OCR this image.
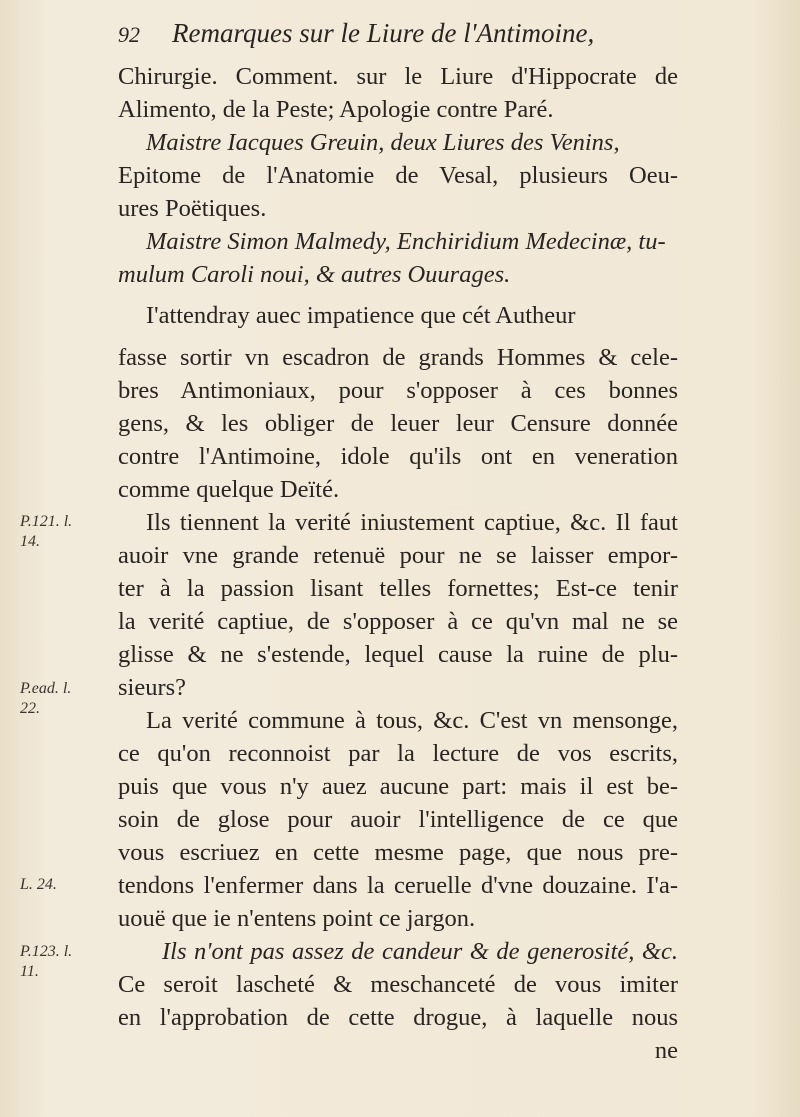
92 Remarques sur le Liure de l'Antimoine,
Chirurgie. Comment. sur le Liure d'Hippocrate de
Alimento, de la Peste; Apologie contre Paré.
Maistre Iacques Greuin, deux Liures des Venins,
Epitome de l'Anatomie de Vesal, plusieurs Oeu-
ures Poëtiques.
Maistre Simon Malmedy, Enchiridium Medecinæ, tu-
mulum Caroli noui, & autres Ouurages.
I'attendray auec impatience que cét Autheur
fasse sortir vn escadron de grands Hommes & cele-
bres Antimoniaux, pour s'opposer à ces bonnes
gens, & les obliger de leuer leur Censure donnée
contre l'Antimoine, idole qu'ils ont en veneration
comme quelque Deïté.
Ils tiennent la verité iniustement captiue, &c. Il faut
auoir vne grande retenuë pour ne se laisser empor-
ter à la passion lisant telles fornettes; Est-ce tenir
la verité captiue, de s'opposer à ce qu'vn mal ne se
glisse & ne s'estende, lequel cause la ruine de plu-
sieurs?
La verité commune à tous, &c. C'est vn mensonge,
ce qu'on reconnoist par la lecture de vos escrits,
puis que vous n'y auez aucune part: mais il est be-
soin de glose pour auoir l'intelligence de ce que
vous escriuez en cette mesme page, que nous pre-
tendons l'enfermer dans la ceruelle d'vne douzaine. I'a-
uouë que ie n'entens point ce jargon.
Ils n'ont pas assez de candeur & de generosité, &c.
Ce seroit lascheté & meschanceté de vous imiter
en l'approbation de cette drogue, à laquelle nous
ne
P.121. l.
14.
P.ead. l.
22.
L. 24.
P.123. l.
11.
